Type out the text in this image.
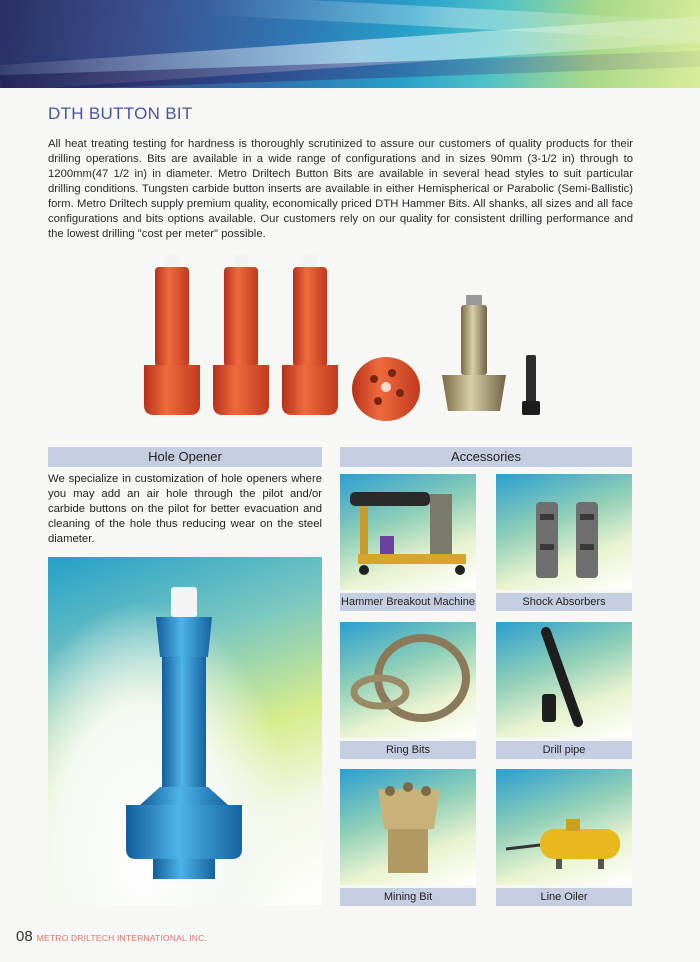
DTH BUTTON BIT

All heat treating testing for hardness is thoroughly scrutinized to assure our customers of quality products for their drilling operations. Bits are available in a wide range of configurations and in sizes 90mm (3-1/2 in) through to 1200mm(47 1/2 in) in diameter. Metro Driltech Button Bits are available in several head styles to suit particular drilling conditions. Tungsten carbide button inserts are available in either Hemispherical or Parabolic (Semi-Ballistic) form. Metro Driltech supply premium quality, economically priced DTH Hammer Bits. All shanks, all sizes and all face configurations and bits options available. Our customers rely on our quality for consistent drilling performance and the lowest drilling "cost per meter" possible.

Hole Opener

We specialize in customization of hole openers where you may add an air hole through the pilot and/or carbide buttons on the pilot for better evacuation and cleaning of the hole thus reducing wear on the steel diameter.

Accessories
Hammer Breakout Machine	Shock Absorbers
Ring Bits	Drill pipe
Mining Bit	Line Oiler
08 METRO DRILTECH INTERNATIONAL INC.
